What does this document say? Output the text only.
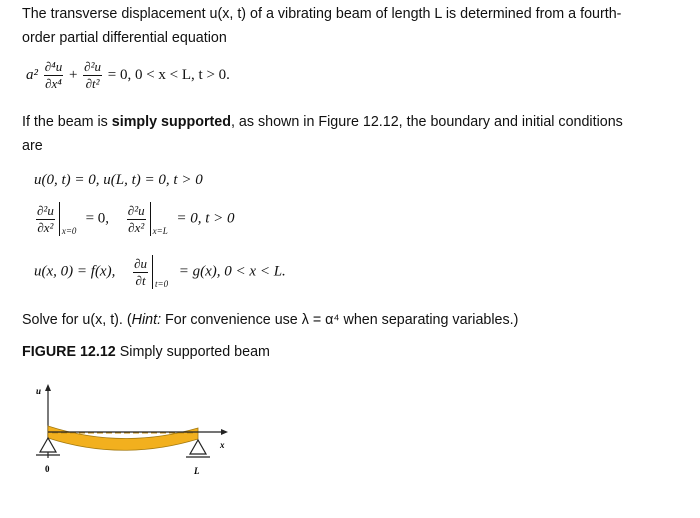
The transverse displacement u(x, t) of a vibrating beam of length L is determined from a fourth-

order partial differential equation

$a^2 \frac{\text{∂⁴u}}{\text{∂x⁴}} + \frac{\text{∂²u}}{\text{∂t²}} = 0$, 0 < x < L, t > 0.

If the beam is simply supported, as shown in Figure 12.12, the boundary and initial conditions

are

u(0, t) = 0, u(L, t) = 0, t > 0
$\frac{\text{∂²u}}{\text{∂x²}} x=0$
= 0, $\frac{\text{∂²u}}{\text{∂x²}} x=L$
= 0, t > 0
u(x, 0) = f(x), $\frac{\partial u}{\partial t} t=0$
= g(x), 0 < x < L.

Solve for u(x, t). (Hint: For convenience use λ = α⁴ when separating variables.)

FIGURE 12.12 Simply supported beam

u
x
0	L
